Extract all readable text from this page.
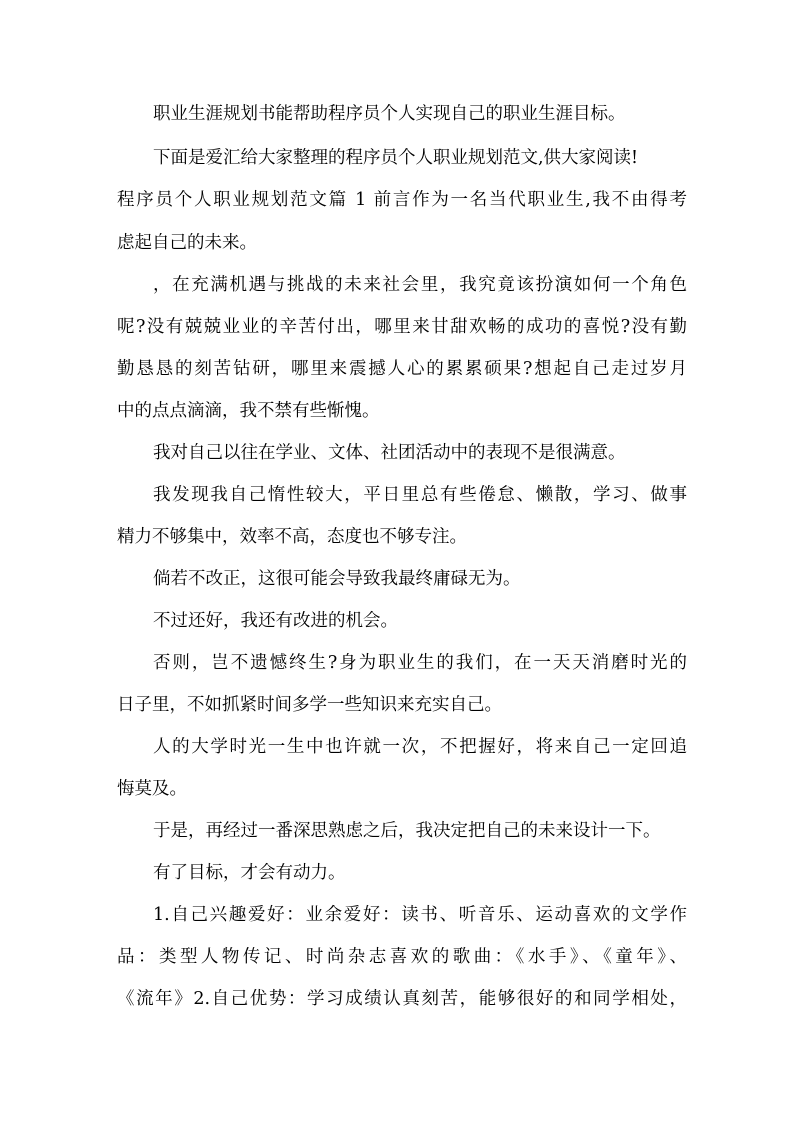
职业生涯规划书能帮助程序员个人实现自己的职业生涯目标。

下面是爱汇给大家整理的程序员个人职业规划范文,供大家阅读!

程序员个人职业规划范文篇 1 前言作为一名当代职业生,我不由得考

虑起自己的未来。

，在充满机遇与挑战的未来社会里，我究竟该扮演如何一个角色

呢?没有兢兢业业的辛苦付出，哪里来甘甜欢畅的成功的喜悦?没有勤

勤恳恳的刻苦钻研，哪里来震撼人心的累累硕果?想起自己走过岁月

中的点点滴滴，我不禁有些惭愧。

我对自己以往在学业、文体、社团活动中的表现不是很满意。

我发现我自己惰性较大，平日里总有些倦怠、懒散，学习、做事

精力不够集中，效率不高，态度也不够专注。

倘若不改正，这很可能会导致我最终庸碌无为。

不过还好，我还有改进的机会。

否则，岂不遗憾终生?身为职业生的我们，在一天天消磨时光的

日子里，不如抓紧时间多学一些知识来充实自己。

人的大学时光一生中也许就一次，不把握好，将来自己一定回追

悔莫及。

于是，再经过一番深思熟虑之后，我决定把自己的未来设计一下。

有了目标，才会有动力。

1.自己兴趣爱好：业余爱好：读书、听音乐、运动喜欢的文学作

品：类型人物传记、时尚杂志喜欢的歌曲：《水手》、《童年》、

《流年》2.自己优势：学习成绩认真刻苦，能够很好的和同学相处，
